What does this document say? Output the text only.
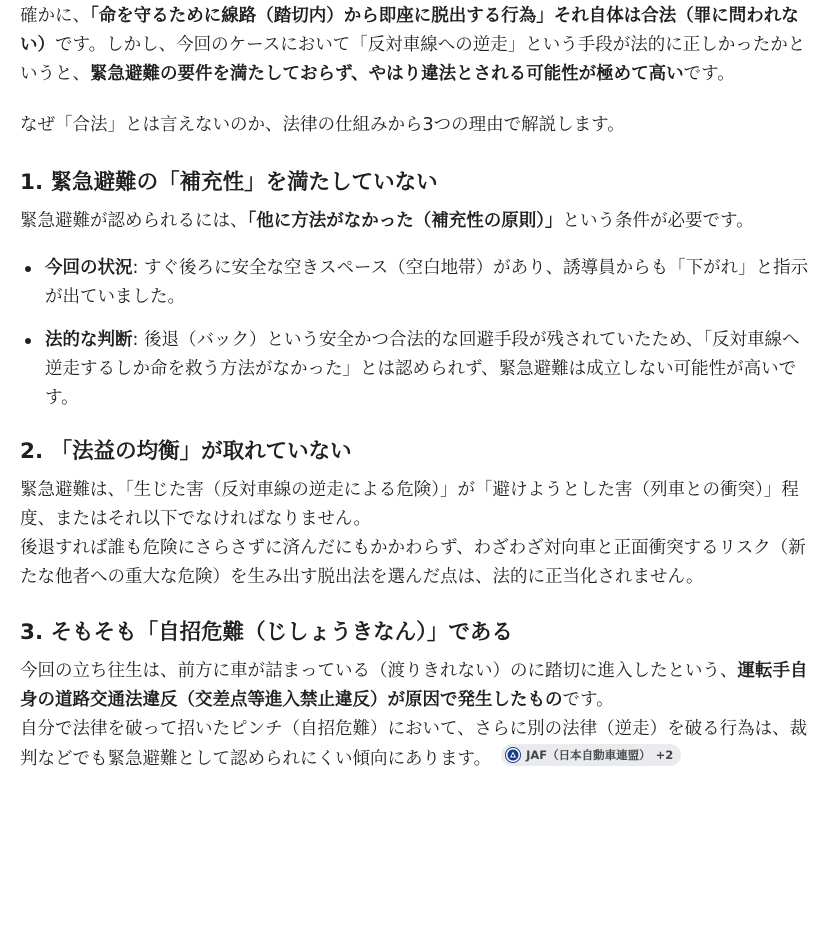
確かに、「命を守るために線路（踏切内）から即座に脱出する行為」それ自体は合法（罪に問われない）です。しかし、今回のケースにおいて「反対車線への逆走」という手段が法的に正しかったかというと、緊急避難の要件を満たしておらず、やはり違法とされる可能性が極めて高いです。

なぜ「合法」とは言えないのか、法律の仕組みから3つの理由で解説します。

1. 緊急避難の「補充性」を満たしていない

緊急避難が認められるには、「他に方法がなかった（補充性の原則）」という条件が必要です。

今回の状況: すぐ後ろに安全な空きスペース（空白地帯）があり、誘導員からも「下がれ」と指示が出ていました。
法的な判断: 後退（バック）という安全かつ合法的な回避手段が残されていたため、「反対車線へ逆走するしか命を救う方法がなかった」とは認められず、緊急避難は成立しない可能性が高いです。
2. 「法益の均衡」が取れていない

緊急避難は、「生じた害（反対車線の逆走による危険）」が「避けようとした害（列車との衝突）」程度、またはそれ以下でなければなりません。

後退すれば誰も危険にさらさずに済んだにもかかわらず、わざわざ対向車と正面衝突するリスク（新たな他者への重大な危険）を生み出す脱出法を選んだ点は、法的に正当化されません。

3. そもそも「自招危難（じしょうきなん）」である

今回の立ち往生は、前方に車が詰まっている（渡りきれない）のに踏切に進入したという、運転手自身の道路交通法違反（交差点等進入禁止違反）が原因で発生したものです。

自分で法律を破って招いたピンチ（自招危難）において、さらに別の法律（逆走）を破る行為は、裁判などでも緊急避難として認められにくい傾向にあります。	JAF（日本自動車連盟） +2
